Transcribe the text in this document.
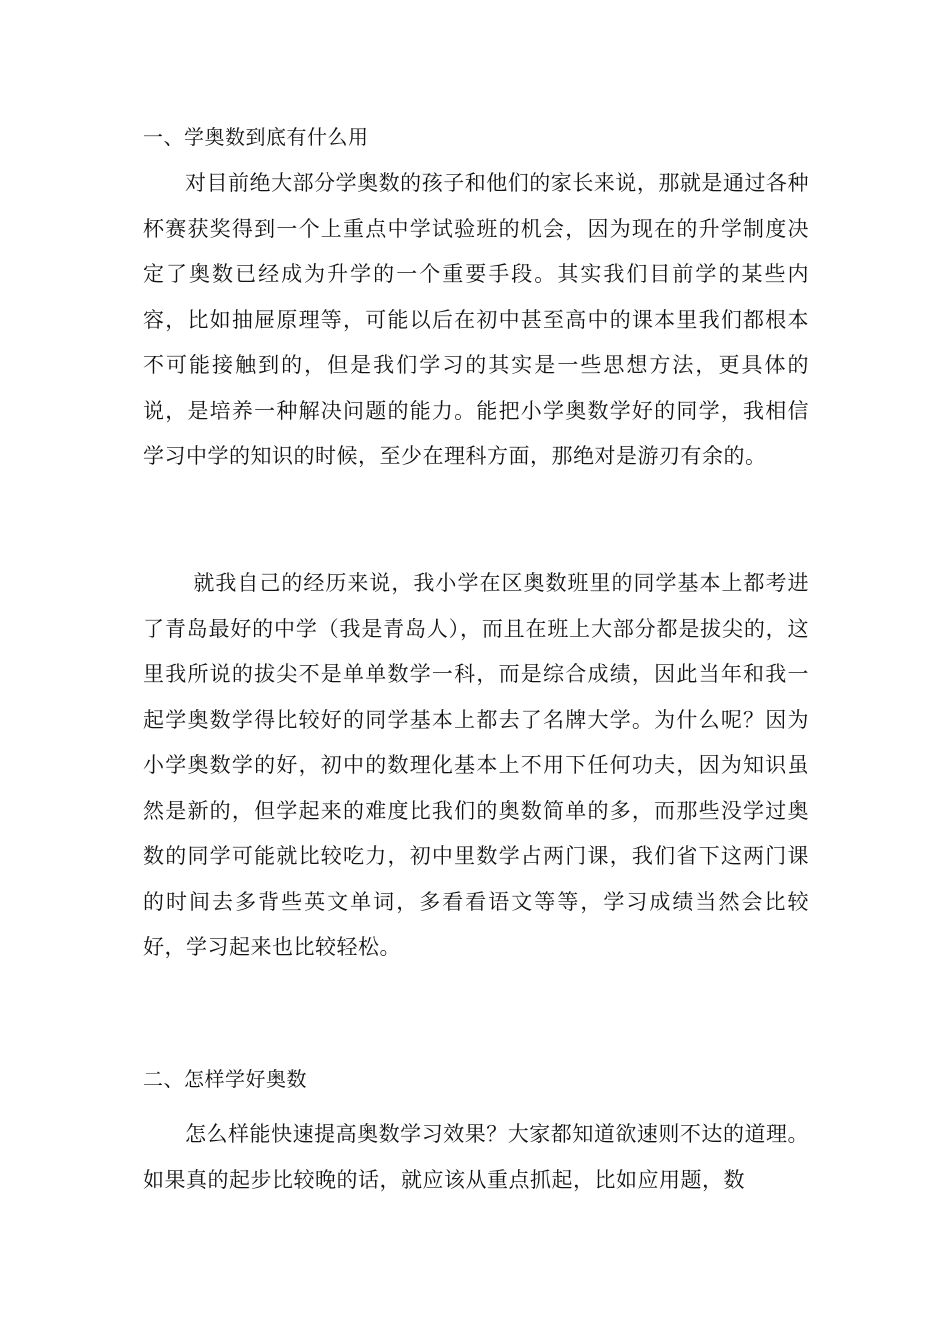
一、学奥数到底有什么用

对目前绝大部分学奥数的孩子和他们的家长来说，那就是通过各种杯赛获奖得到一个上重点中学试验班的机会，因为现在的升学制度决定了奥数已经成为升学的一个重要手段。其实我们目前学的某些内容，比如抽屉原理等，可能以后在初中甚至高中的课本里我们都根本不可能接触到的，但是我们学习的其实是一些思想方法，更具体的说，是培养一种解决问题的能力。能把小学奥数学好的同学，我相信学习中学的知识的时候，至少在理科方面，那绝对是游刃有余的。

就我自己的经历来说，我小学在区奥数班里的同学基本上都考进了青岛最好的中学（我是青岛人），而且在班上大部分都是拔尖的，这里我所说的拔尖不是单单数学一科，而是综合成绩，因此当年和我一起学奥数学得比较好的同学基本上都去了名牌大学。为什么呢？因为小学奥数学的好，初中的数理化基本上不用下任何功夫，因为知识虽然是新的，但学起来的难度比我们的奥数简单的多，而那些没学过奥数的同学可能就比较吃力，初中里数学占两门课，我们省下这两门课的时间去多背些英文单词，多看看语文等等，学习成绩当然会比较好，学习起来也比较轻松。

二、怎样学好奥数

怎么样能快速提高奥数学习效果？大家都知道欲速则不达的道理。如果真的起步比较晚的话，就应该从重点抓起，比如应用题，数
